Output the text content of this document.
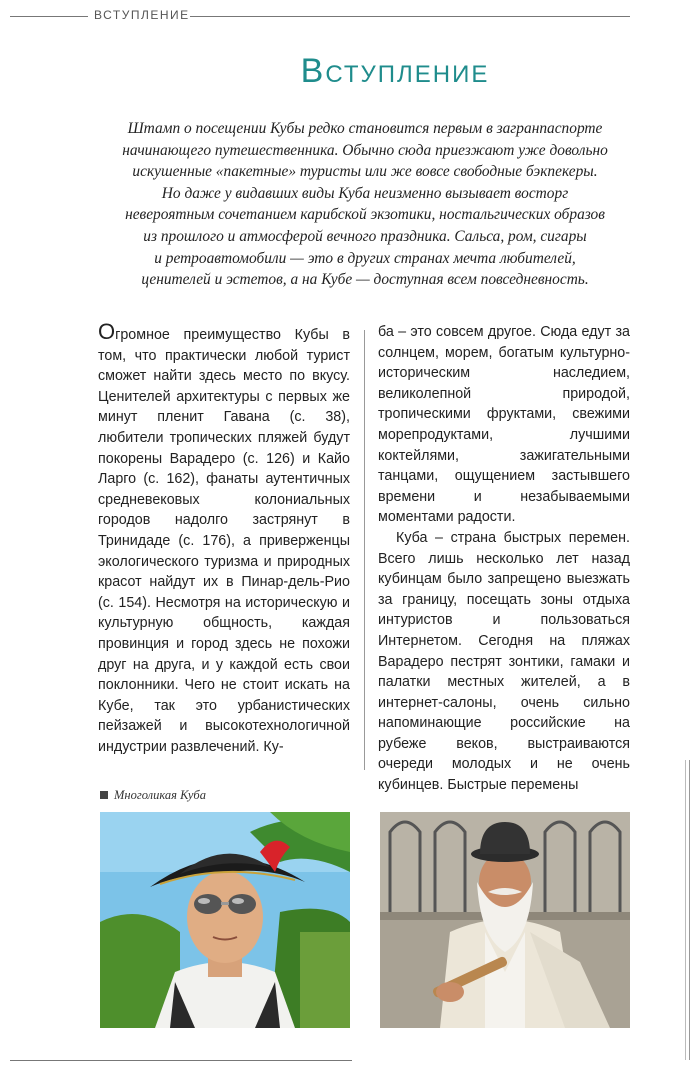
ВСТУПЛЕНИЕ
Вступление
Штамп о посещении Кубы редко становится первым в загранпаспорте
начинающего путешественника. Обычно сюда приезжают уже довольно
искушенные «пакетные» туристы или же вовсе свободные бэкпекеры.
Но даже у видавших виды Куба неизменно вызывает восторг
невероятным сочетанием карибской экзотики, ностальгических образов
из прошлого и атмосферой вечного праздника. Сальса, ром, сигары
и ретроавтомобили — это в других странах мечта любителей,
ценителей и эстетов, а на Кубе — доступная всем повседневность.

Огромное преимущество Кубы в том, что практически любой турист сможет найти здесь место по вкусу. Ценителей архитектуры с первых же минут пленит Гавана (с. 38), любители тропических пляжей будут покорены Варадеро (с. 126) и Кайо Ларго (с. 162), фанаты аутентичных средневековых колониальных городов надолго застрянут в Тринидаде (с. 176), а приверженцы экологического туризма и природных красот найдут их в Пинар-дель-Рио (с. 154). Несмотря на историческую и культурную общность, каждая провинция и город здесь не похожи друг на друга, и у каждой есть свои поклонники. Чего не стоит искать на Кубе, так это урбанистических пейзажей и высокотехнологичной индустрии развлечений. Ку-

ба – это совсем другое. Сюда едут за солнцем, морем, богатым культурно-историческим наследием, великолепной природой, тропическими фруктами, свежими морепродуктами, лучшими коктейлями, зажигательными танцами, ощущением застывшего времени и незабываемыми моментами радости.

Куба – страна быстрых перемен. Всего лишь несколько лет назад кубинцам было запрещено выезжать за границу, посещать зоны отдыха интуристов и пользоваться Интернетом. Сегодня на пляжах Варадеро пестрят зонтики, гамаки и палатки местных жителей, а в интернет-салоны, очень сильно напоминающие российские на рубеже веков, выстраиваются очереди молодых и не очень кубинцев. Быстрые перемены

Многоликая Куба
